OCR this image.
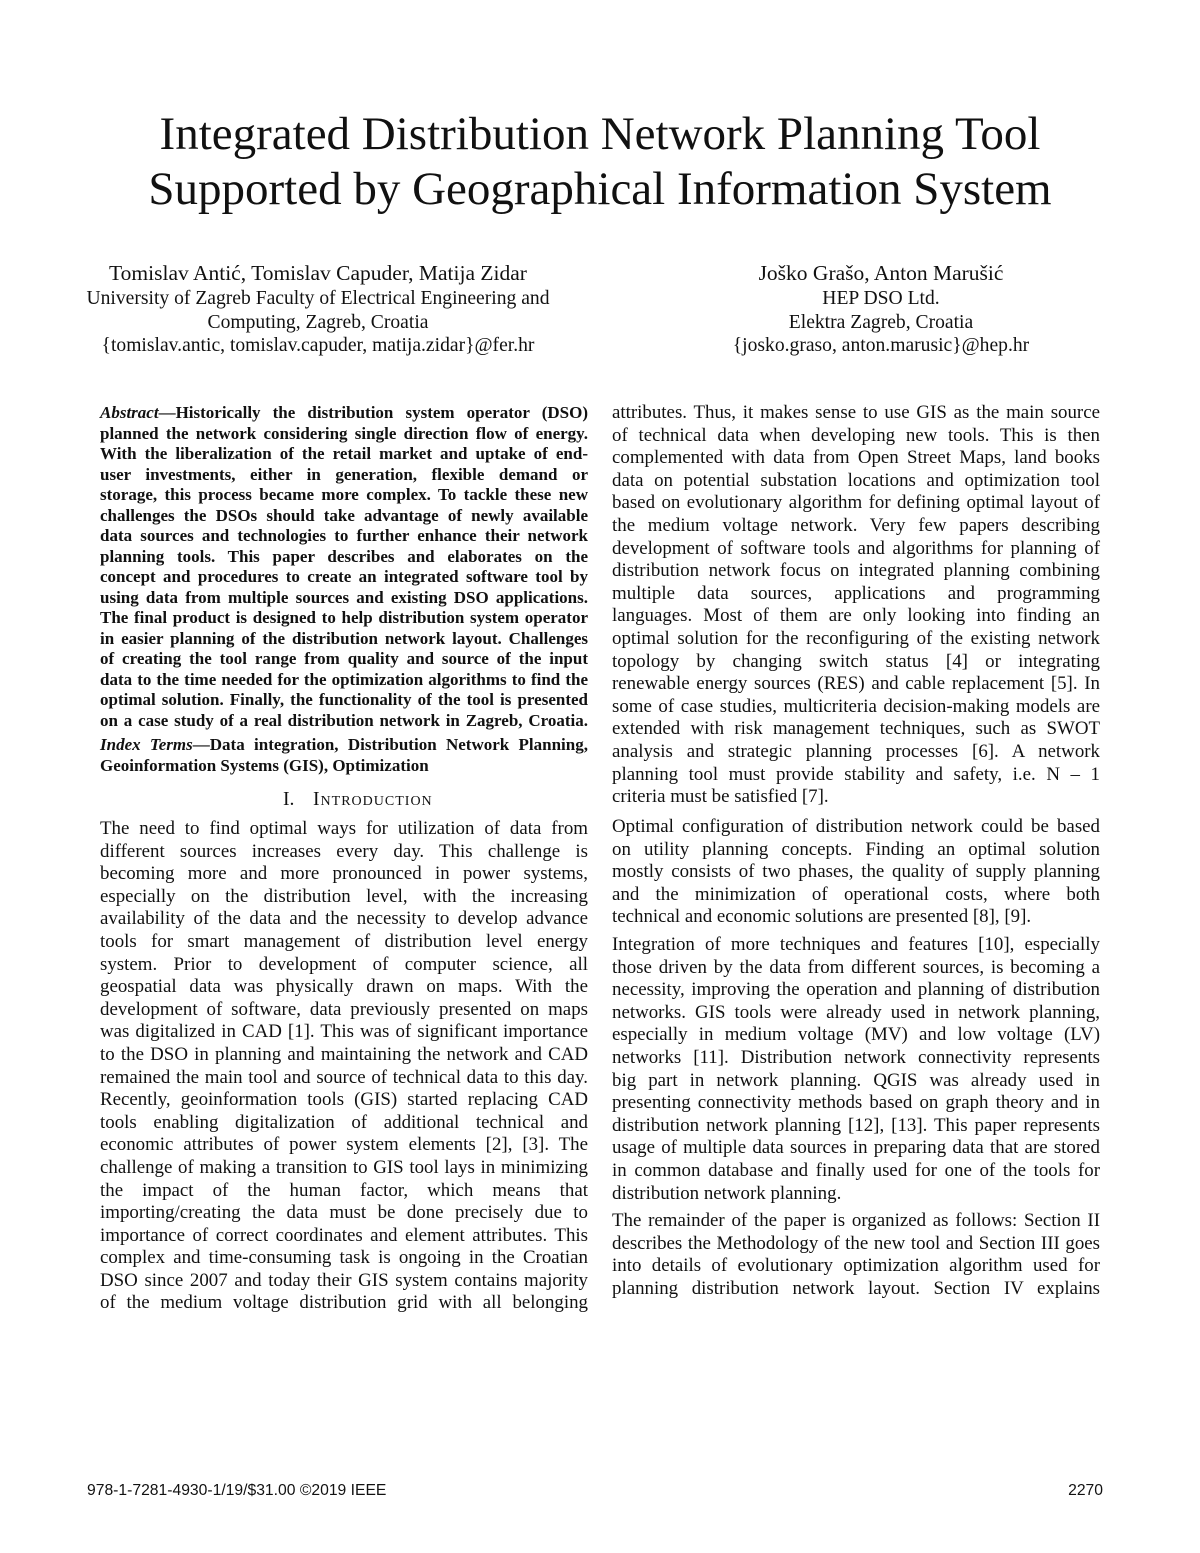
Integrated Distribution Network Planning Tool
Supported by Geographical Information System
Tomislav Antić, Tomislav Capuder, Matija Zidar
University of Zagreb Faculty of Electrical Engineering and
Computing, Zagreb, Croatia
{tomislav.antic, tomislav.capuder, matija.zidar}@fer.hr
Joško Grašo, Anton Marušić
HEP DSO Ltd.
Elektra Zagreb, Croatia
{josko.graso, anton.marusic}@hep.hr
Abstract—Historically the distribution system operator (DSO)
planned the network considering single direction flow of energy.
With the liberalization of the retail market and uptake of end-
user investments, either in generation, flexible demand or
storage, this process became more complex. To tackle these new
challenges the DSOs should take advantage of newly available
data sources and technologies to further enhance their network
planning tools. This paper describes and elaborates on the
concept and procedures to create an integrated software tool by
using data from multiple sources and existing DSO applications.
The final product is designed to help distribution system operator
in easier planning of the distribution network layout. Challenges
of creating the tool range from quality and source of the input
data to the time needed for the optimization algorithms to find the
optimal solution. Finally, the functionality of the tool is presented
on a case study of a real distribution network in Zagreb, Croatia.
Index Terms—Data integration, Distribution Network Planning,
Geoinformation Systems (GIS), Optimization
I. Introduction
The need to find optimal ways for utilization of data from
different sources increases every day. This challenge is
becoming more and more pronounced in power systems,
especially on the distribution level, with the increasing
availability of the data and the necessity to develop advance
tools for smart management of distribution level energy
system. Prior to development of computer science, all
geospatial data was physically drawn on maps. With the
development of software, data previously presented on maps
was digitalized in CAD [1]. This was of significant importance
to the DSO in planning and maintaining the network and CAD
remained the main tool and source of technical data to this day.
Recently, geoinformation tools (GIS) started replacing CAD
tools enabling digitalization of additional technical and
economic attributes of power system elements [2], [3]. The
challenge of making a transition to GIS tool lays in minimizing
the impact of the human factor, which means that
importing/creating the data must be done precisely due to
importance of correct coordinates and element attributes. This
complex and time-consuming task is ongoing in the Croatian
DSO since 2007 and today their GIS system contains majority
of the medium voltage distribution grid with all belonging
attributes. Thus, it makes sense to use GIS as the main source
of technical data when developing new tools. This is then
complemented with data from Open Street Maps, land books
data on potential substation locations and optimization tool
based on evolutionary algorithm for defining optimal layout of
the medium voltage network. Very few papers describing
development of software tools and algorithms for planning of
distribution network focus on integrated planning combining
multiple data sources, applications and programming
languages. Most of them are only looking into finding an
optimal solution for the reconfiguring of the existing network
topology by changing switch status [4] or integrating
renewable energy sources (RES) and cable replacement [5]. In
some of case studies, multicriteria decision-making models are
extended with risk management techniques, such as SWOT
analysis and strategic planning processes [6]. A network
planning tool must provide stability and safety, i.e. N – 1
criteria must be satisfied [7].
Optimal configuration of distribution network could be based
on utility planning concepts. Finding an optimal solution
mostly consists of two phases, the quality of supply planning
and the minimization of operational costs, where both
technical and economic solutions are presented [8], [9].
Integration of more techniques and features [10], especially
those driven by the data from different sources, is becoming a
necessity, improving the operation and planning of distribution
networks. GIS tools were already used in network planning,
especially in medium voltage (MV) and low voltage (LV)
networks [11]. Distribution network connectivity represents
big part in network planning. QGIS was already used in
presenting connectivity methods based on graph theory and in
distribution network planning [12], [13]. This paper represents
usage of multiple data sources in preparing data that are stored
in common database and finally used for one of the tools for
distribution network planning.
The remainder of the paper is organized as follows: Section II
describes the Methodology of the new tool and Section III goes
into details of evolutionary optimization algorithm used for
planning distribution network layout. Section IV explains
978-1-7281-4930-1/19/$31.00 ©2019 IEEE	2270
